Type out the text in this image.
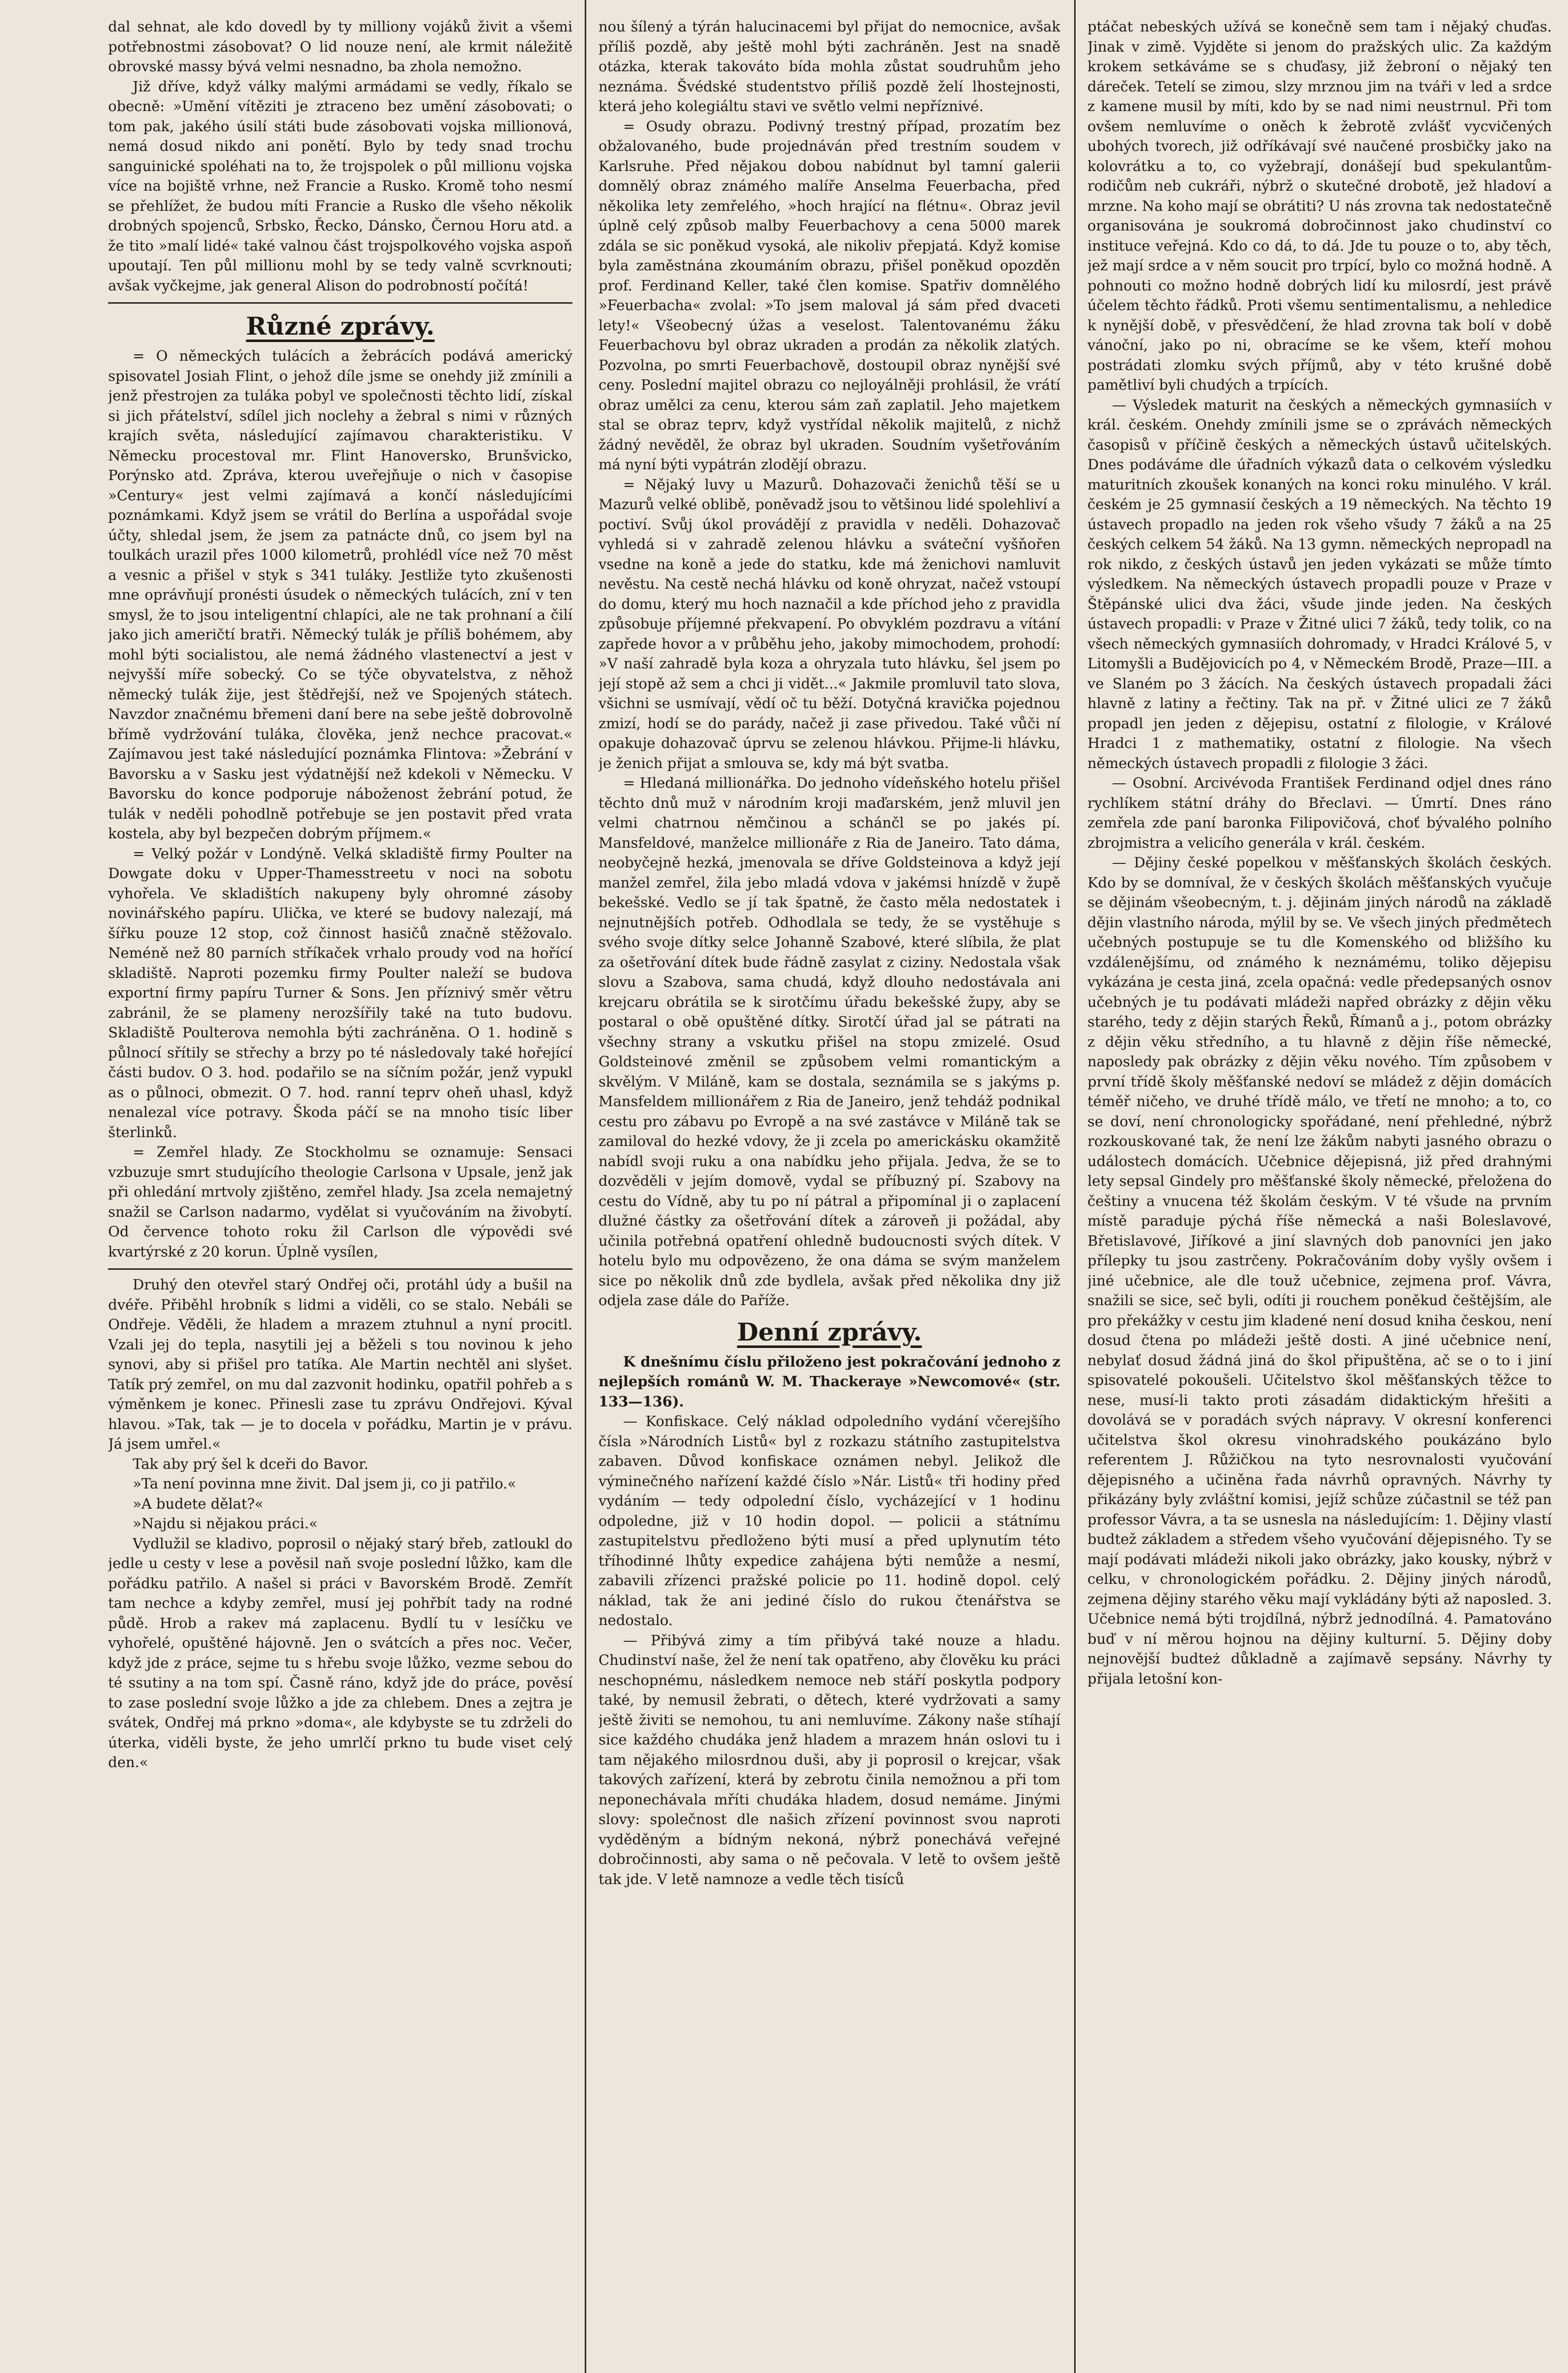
dal sehnat, ale kdo dovedl by ty milliony vojáků živit a všemi potřebnostmi zásobovat? O lid nouze není, ale krmit náležitě obrovské massy bývá velmi nesnadno, ba zhola nemožno.

Již dříve, když války malými armádami se vedly, říkalo se obecně: »Umění vítěziti je ztraceno bez umění zásobovati; o tom pak, jakého úsilí státi bude zásobovati vojska millionová, nemá dosud nikdo ani ponětí. Bylo by tedy snad trochu sanguinické spoléhati na to, že trojspolek o půl millionu vojska více na bojiště vrhne, než Francie a Rusko. Kromě toho nesmí se přehlížet, že budou míti Francie a Rusko dle všeho několik drobných spojenců, Srbsko, Řecko, Dánsko, Černou Horu atd. a že tito »malí lidé« také valnou část trojspolkového vojska aspoň upoutají. Ten půl millionu mohl by se tedy valně scvrknouti; avšak vyčkejme, jak general Alison do podrobností počítá!

Různé zprávy.

= O německých tulácích a žebrácích podává americký spisovatel Josiah Flint, o jehož díle jsme se onehdy již zmínili a jenž přestrojen za tuláka pobyl ve společnosti těchto lidí, získal si jich přátelství, sdílel jich noclehy a žebral s nimi v různých krajích světa, následující zajímavou charakteristiku. V Německu procestoval mr. Flint Hanoversko, Brunšvicko, Porýnsko atd. Zpráva, kterou uveřejňuje o nich v časopise »Century« jest velmi zajímavá a končí následujícími poznámkami. Když jsem se vrátil do Berlína a uspořádal svoje účty, shledal jsem, že jsem za patnácte dnů, co jsem byl na toulkách urazil přes 1000 kilometrů, prohlédl více než 70 měst a vesnic a přišel v styk s 341 tuláky. Jestliže tyto zkušenosti mne oprávňují pronésti úsudek o německých tulácích, zní v ten smysl, že to jsou inteligentní chlapíci, ale ne tak prohnaní a čilí jako jich američtí bratři. Německý tulák je příliš bohémem, aby mohl býti socialistou, ale nemá žádného vlastenectví a jest v nejvyšší míře sobecký. Co se týče obyvatelstva, z něhož německý tulák žije, jest štědřejší, než ve Spojených státech. Navzdor značnému břemeni daní bere na sebe ještě dobrovolně břímě vydržování tuláka, člověka, jenž nechce pracovat.« Zajímavou jest také následující poznámka Flintova: »Žebrání v Bavorsku a v Sasku jest výdatnější než kdekoli v Německu. V Bavorsku do konce podporuje náboženost žebrání potud, že tulák v neděli pohodlně potřebuje se jen postavit před vrata kostela, aby byl bezpečen dobrým příjmem.«

= Velký požár v Londýně. Velká skladiště firmy Poulter na Dowgate doku v Upper-Thamesstreetu v noci na sobotu vyhořela. Ve skladištích nakupeny byly ohromné zásoby novinářského papíru. Ulička, ve které se budovy nalezají, má šířku pouze 12 stop, což činnost hasičů značně stěžovalo. Neméně než 80 parních stříkaček vrhalo proudy vod na hořící skladiště. Naproti pozemku firmy Poulter naleží se budova exportní firmy papíru Turner & Sons. Jen příznivý směr větru zabránil, že se plameny nerozšířily také na tuto budovu. Skladiště Poulterova nemohla býti zachráněna. O 1. hodině s půlnocí sřítily se střechy a brzy po té následovaly také hořející části budov. O 3. hod. podařilo se na síčním požár, jenž vypukl as o půlnoci, obmezit. O 7. hod. ranní teprv oheň uhasl, když nenalezal více potravy. Škoda páčí se na mnoho tisíc liber šterlinků.

= Zemřel hlady. Ze Stockholmu se oznamuje: Sensaci vzbuzuje smrt studujícího theologie Carlsona v Upsale, jenž jak při ohledání mrtvoly zjištěno, zemřel hlady. Jsa zcela nemajetný snažil se Carlson nadarmo, vydělat si vyučováním na živobytí. Od července tohoto roku žil Carlson dle výpovědi své kvartýrské z 20 korun. Úplně vysílen,

Druhý den otevřel starý Ondřej oči, protáhl údy a bušil na dvéře. Přiběhl hrobník s lidmi a viděli, co se stalo. Nebáli se Ondřeje. Věděli, že hladem a mrazem ztuhnul a nyní procitl. Vzali jej do tepla, nasytili jej a běželi s tou novinou k jeho synovi, aby si přišel pro tatíka. Ale Martin nechtěl ani slyšet. Tatík prý zemřel, on mu dal zazvonit hodinku, opatřil pohřeb a s výměnkem je konec. Přinesli zase tu zprávu Ondřejovi. Kýval hlavou. »Tak, tak — je to docela v pořádku, Martin je v právu. Já jsem umřel.«

Tak aby prý šel k dceři do Bavor.

»Ta není povinna mne živit. Dal jsem ji, co ji patřilo.«

»A budete dělat?«

»Najdu si nějakou práci.«

Vydlužil se kladivo, poprosil o nějaký starý břeb, zatloukl do jedle u cesty v lese a pověsil naň svoje poslední lůžko, kam dle pořádku patřilo. A našel si práci v Bavorském Brodě. Zemřít tam nechce a kdyby zemřel, musí jej pohřbít tady na rodné půdě. Hrob a rakev má zaplacenu. Bydlí tu v lesíčku ve vyhořelé, opuštěné hájovně. Jen o svátcích a přes noc. Večer, když jde z práce, sejme tu s hřebu svoje lůžko, vezme sebou do té ssutiny a na tom spí. Časně ráno, když jde do práce, pověsí to zase poslední svoje lůžko a jde za chlebem. Dnes a zejtra je svátek, Ondřej má prkno »doma«, ale kdybyste se tu zdrželi do úterka, viděli byste, že jeho umrlčí prkno tu bude viset celý den.«

nou šílený a týrán halucinacemi byl přijat do nemocnice, avšak příliš pozdě, aby ještě mohl býti zachráněn. Jest na snadě otázka, kterak takováto bída mohla zůstat soudruhům jeho neznáma. Švédské studentstvo příliš pozdě želí lhostejnosti, která jeho kolegiáltu stavi ve světlo velmi nepříznivé.

= Osudy obrazu. Podivný trestný případ, prozatím bez obžalovaného, bude projednáván před trestním soudem v Karlsruhe. Před nějakou dobou nabídnut byl tamní galerii domnělý obraz známého malíře Anselma Feuerbacha, před několika lety zemřelého, »hoch hrající na flétnu«. Obraz jevil úplně celý způsob malby Feuerbachovy a cena 5000 marek zdála se sic poněkud vysoká, ale nikoliv přepjatá. Když komise byla zaměstnána zkoumáním obrazu, přišel poněkud opozděn prof. Ferdinand Keller, také člen komise. Spatřiv domnělého »Feuerbacha« zvolal: »To jsem maloval já sám před dvaceti lety!« Všeobecný úžas a veselost. Talentovanému žáku Feuerbachovu byl obraz ukraden a prodán za několik zlatých. Pozvolna, po smrti Feuerbachově, dostoupil obraz nynější své ceny. Poslední majitel obrazu co nejloyálněji prohlásil, že vrátí obraz umělci za cenu, kterou sám zaň zaplatil. Jeho majetkem stal se obraz teprv, když vystřídal několik majitelů, z nichž žádný nevěděl, že obraz byl ukraden. Soudním vyšetřováním má nyní býti vypátrán zlodějí obrazu.

= Nějaký luvy u Mazurů. Dohazovači ženichů těší se u Mazurů velké oblibě, poněvadž jsou to většinou lidé spolehliví a poctiví. Svůj úkol provádějí z pravidla v neděli. Dohazovač vyhledá si v zahradě zelenou hlávku a sváteční vyšňořen vsedne na koně a jede do statku, kde má ženichovi namluvit nevěstu. Na cestě nechá hlávku od koně ohryzat, načež vstoupí do domu, který mu hoch naznačil a kde příchod jeho z pravidla způsobuje příjemné překvapení. Po obvyklém pozdravu a vítání zapřede hovor a v průběhu jeho, jakoby mimochodem, prohodí: »V naší zahradě byla koza a ohryzala tuto hlávku, šel jsem po její stopě až sem a chci ji vidět...« Jakmile promluvil tato slova, všichni se usmívají, vědí oč tu běží. Dotyčná kravička pojednou zmizí, hodí se do parády, načež ji zase přivedou. Také vůči ní opakuje dohazovač úprvu se zelenou hlávkou. Přijme-li hlávku, je ženich přijat a smlouva se, kdy má být svatba.

= Hledaná millionářka. Do jednoho vídeňského hotelu přišel těchto dnů muž v národním kroji maďarském, jenž mluvil jen velmi chatrnou němčinou a schánčl se po jakés pí. Mansfeldové, manželce millionáře z Ria de Janeiro. Tato dáma, neobyčejně hezká, jmenovala se dříve Goldsteinova a když její manžel zemřel, žila jebo mladá vdova v jakémsi hnízdě v župě bekešské. Vedlo se jí tak špatně, že často měla nedostatek i nejnutnějších potřeb. Odhodlala se tedy, že se vystěhuje s svého svoje dítky selce Johanně Szabové, které slíbila, že plat za ošetřování dítek bude řádně zasylat z ciziny. Nedostala však slovu a Szabova, sama chudá, když dlouho nedostávala ani krejcaru obrátila se k sirotčímu úřadu bekešské župy, aby se postaral o obě opuštěné dítky. Sirotčí úřad jal se pátrati na všechny strany a vskutku přišel na stopu zmizelé. Osud Goldsteinové změnil se způsobem velmi romantickým a skvělým. V Miláně, kam se dostala, seznámila se s jakýms p. Mansfeldem millionářem z Ria de Janeiro, jenž tehdáž podnikal cestu pro zábavu po Evropě a na své zastávce v Miláně tak se zamiloval do hezké vdovy, že ji zcela po americkásku okamžitě nabídl svoji ruku a ona nabídku jeho přijala. Jedva, že se to dozvěděli v jejím domově, vydal se příbuzný pí. Szabovy na cestu do Vídně, aby tu po ní pátral a připomínal ji o zaplacení dlužné částky za ošetřování dítek a zároveň ji požádal, aby učinila potřebná opatření ohledně budoucnosti svých dítek. V hotelu bylo mu odpovězeno, že ona dáma se svým manželem sice po několik dnů zde bydlela, avšak před několika dny již odjela zase dále do Paříže.

Denní zprávy.

K dnešnímu číslu přiloženo jest pokračování jednoho z nejlepších románů W. M. Thackeraye »Newcomové« (str. 133—136).

— Konfiskace. Celý náklad odpoledního vydání včerejšího čísla »Národních Listů« byl z rozkazu státního zastupitelstva zabaven. Důvod konfiskace oznámen nebyl. Jelikož dle výminečného nařízení každé číslo »Nár. Listů« tři hodiny před vydáním — tedy odpolední číslo, vycházející v 1 hodinu odpoledne, již v 10 hodin dopol. — policii a státnímu zastupitelstvu předloženo býti musí a před uplynutím této tříhodinné lhůty expedice zahájena býti nemůže a nesmí, zabavili zřízenci pražské policie po 11. hodině dopol. celý náklad, tak že ani jediné číslo do rukou čtenářstva se nedostalo.

— Přibývá zimy a tím přibývá také nouze a hladu. Chudinství naše, žel že není tak opatřeno, aby člověku ku práci neschopnému, následkem nemoce neb stáří poskytla podpory také, by nemusil žebrati, o dětech, které vydržovati a samy ještě živiti se nemohou, tu ani nemluvíme. Zákony naše stíhají sice každého chudáka jenž hladem a mrazem hnán oslovi tu i tam nějakého milosrdnou duši, aby ji poprosil o krejcar, však takových zařízení, která by zebrotu činila nemožnou a při tom neponechávala mříti chudáka hladem, dosud nemáme. Jinými slovy: společnost dle našich zřízení povinnost svou naproti vyděděným a bídným nekoná, nýbrž ponechává veřejné dobročinnosti, aby sama o ně pečovala. V letě to ovšem ještě tak jde. V letě namnoze a vedle těch tisíců

ptáčat nebeských užívá se konečně sem tam i nějaký chuďas. Jinak v zimě. Vyjděte si jenom do pražských ulic. Za každým krokem setkáváme se s chuďasy, již žebroní o nějaký ten dáreček. Tetelí se zimou, slzy mrznou jim na tváři v led a srdce z kamene musil by míti, kdo by se nad nimi neustrnul. Při tom ovšem nemluvíme o oněch k žebrotě zvlášť vycvičených ubohých tvorech, již odříkávají své naučené prosbičky jako na kolovrátku a to, co vyžebrají, donášejí bud spekulantům-rodičům neb cukráři, nýbrž o skutečné drobotě, jež hladoví a mrzne. Na koho mají se obrátiti? U nás zrovna tak nedostatečně organisována je soukromá dobročinnost jako chudinství co instituce veřejná. Kdo co dá, to dá. Jde tu pouze o to, aby těch, jež mají srdce a v něm soucit pro trpící, bylo co možná hodně. A pohnouti co možno hodně dobrých lidí ku milosrdí, jest právě účelem těchto řádků. Proti všemu sentimentalismu, a nehledice k nynější době, v přesvědčení, že hlad zrovna tak bolí v době vánoční, jako po ni, obracíme se ke všem, kteří mohou postrádati zlomku svých příjmů, aby v této krušné době pamětliví byli chudých a trpících.

— Výsledek maturit na českých a německých gymnasiích v král. českém. Onehdy zmínili jsme se o zprávách německých časopisů v příčině českých a německých ústavů učitelských. Dnes podáváme dle úřadních výkazů data o celkovém výsledku maturitních zkoušek konaných na konci roku minulého. V král. českém je 25 gymnasií českých a 19 německých. Na těchto 19 ústavech propadlo na jeden rok všeho všudy 7 žáků a na 25 českých celkem 54 žáků. Na 13 gymn. německých nepropadl na rok nikdo, z českých ústavů jen jeden vykázati se může tímto výsledkem. Na německých ústavech propadli pouze v Praze v Štěpánské ulici dva žáci, všude jinde jeden. Na českých ústavech propadli: v Praze v Žitné ulici 7 žáků, tedy tolik, co na všech německých gymnasiích dohromady, v Hradci Králové 5, v Litomyšli a Budějovicích po 4, v Německém Brodě, Praze—III. a ve Slaném po 3 žácích. Na českých ústavech propadali žáci hlavně z latiny a řečtiny. Tak na př. v Žitné ulici ze 7 žáků propadl jen jeden z dějepisu, ostatní z filologie, v Králové Hradci 1 z mathematiky, ostatní z filologie. Na všech německých ústavech propadli z filologie 3 žáci.

— Osobní. Arcivévoda František Ferdinand odjel dnes ráno rychlíkem státní dráhy do Břeclavi. — Úmrtí. Dnes ráno zemřela zde paní baronka Filipovičová, choť bývalého polního zbrojmistra a velicího generála v král. českém.

— Dějiny české popelkou v měšťanských školách českých. Kdo by se domníval, že v českých školách měšťanských vyučuje se dějinám všeobecným, t. j. dějinám jiných národů na základě dějin vlastního národa, mýlil by se. Ve všech jiných předmětech učebných postupuje se tu dle Komenského od bližšího ku vzdálenějšímu, od známého k neznámému, toliko dějepisu vykázána je cesta jiná, zcela opačná: vedle předepsaných osnov učebných je tu podávati mládeži napřed obrázky z dějin věku starého, tedy z dějin starých Řeků, Římanů a j., potom obrázky z dějin věku středního, a tu hlavně z dějin říše německé, naposledy pak obrázky z dějin věku nového. Tím způsobem v první třídě školy měšťanské nedoví se mládež z dějin domácích téměř ničeho, ve druhé třídě málo, ve třetí ne mnoho; a to, co se doví, není chronologicky spořádané, není přehledné, nýbrž rozkouskované tak, že není lze žákům nabyti jasného obrazu o událostech domácích. Učebnice dějepisná, již před drahnými lety sepsal Gindely pro měšťanské školy německé, přeložena do češtiny a vnucena též školám českým. V té všude na prvním místě paraduje pýchá říše německá a naši Boleslavové, Břetislavové, Jiříkové a jiní slavných dob panovníci jen jako přílepky tu jsou zastrčeny. Pokračováním doby vyšly ovšem i jiné učebnice, ale dle touž učebnice, zejmena prof. Vávra, snažili se sice, seč byli, odíti ji rouchem poněkud češtějším, ale pro překážky v cestu jim kladené není dosud kniha českou, není dosud čtena po mládeži ještě dosti. A jiné učebnice není, nebylať dosud žádná jiná do škol připuštěna, ač se o to i jiní spisovatelé pokoušeli. Učitelstvo škol měšťanských těžce to nese, musí-li takto proti zásadám didaktickým hřešiti a dovolává se v poradách svých nápravy. V okresní konferenci učitelstva škol okresu vinohradského poukázáno bylo referentem J. Růžičkou na tyto nesrovnalosti vyučování dějepisného a učiněna řada návrhů opravných. Návrhy ty přikázány byly zvláštní komisi, jejíž schůze zúčastnil se též pan professor Vávra, a ta se usnesla na následujícím: 1. Dějiny vlastí budtež základem a středem všeho vyučování dějepisného. Ty se mají podávati mládeži nikoli jako obrázky, jako kousky, nýbrž v celku, v chronologickém pořádku. 2. Dějiny jiných národů, zejmena dějiny starého věku mají vykládány býti až naposled. 3. Učebnice nemá býti trojdílná, nýbrž jednodílná. 4. Pamatováno buď v ní měrou hojnou na dějiny kulturní. 5. Dějiny doby nejnovější budteż důkladně a zajímavě sepsány. Návrhy ty přijala letošní kon-
